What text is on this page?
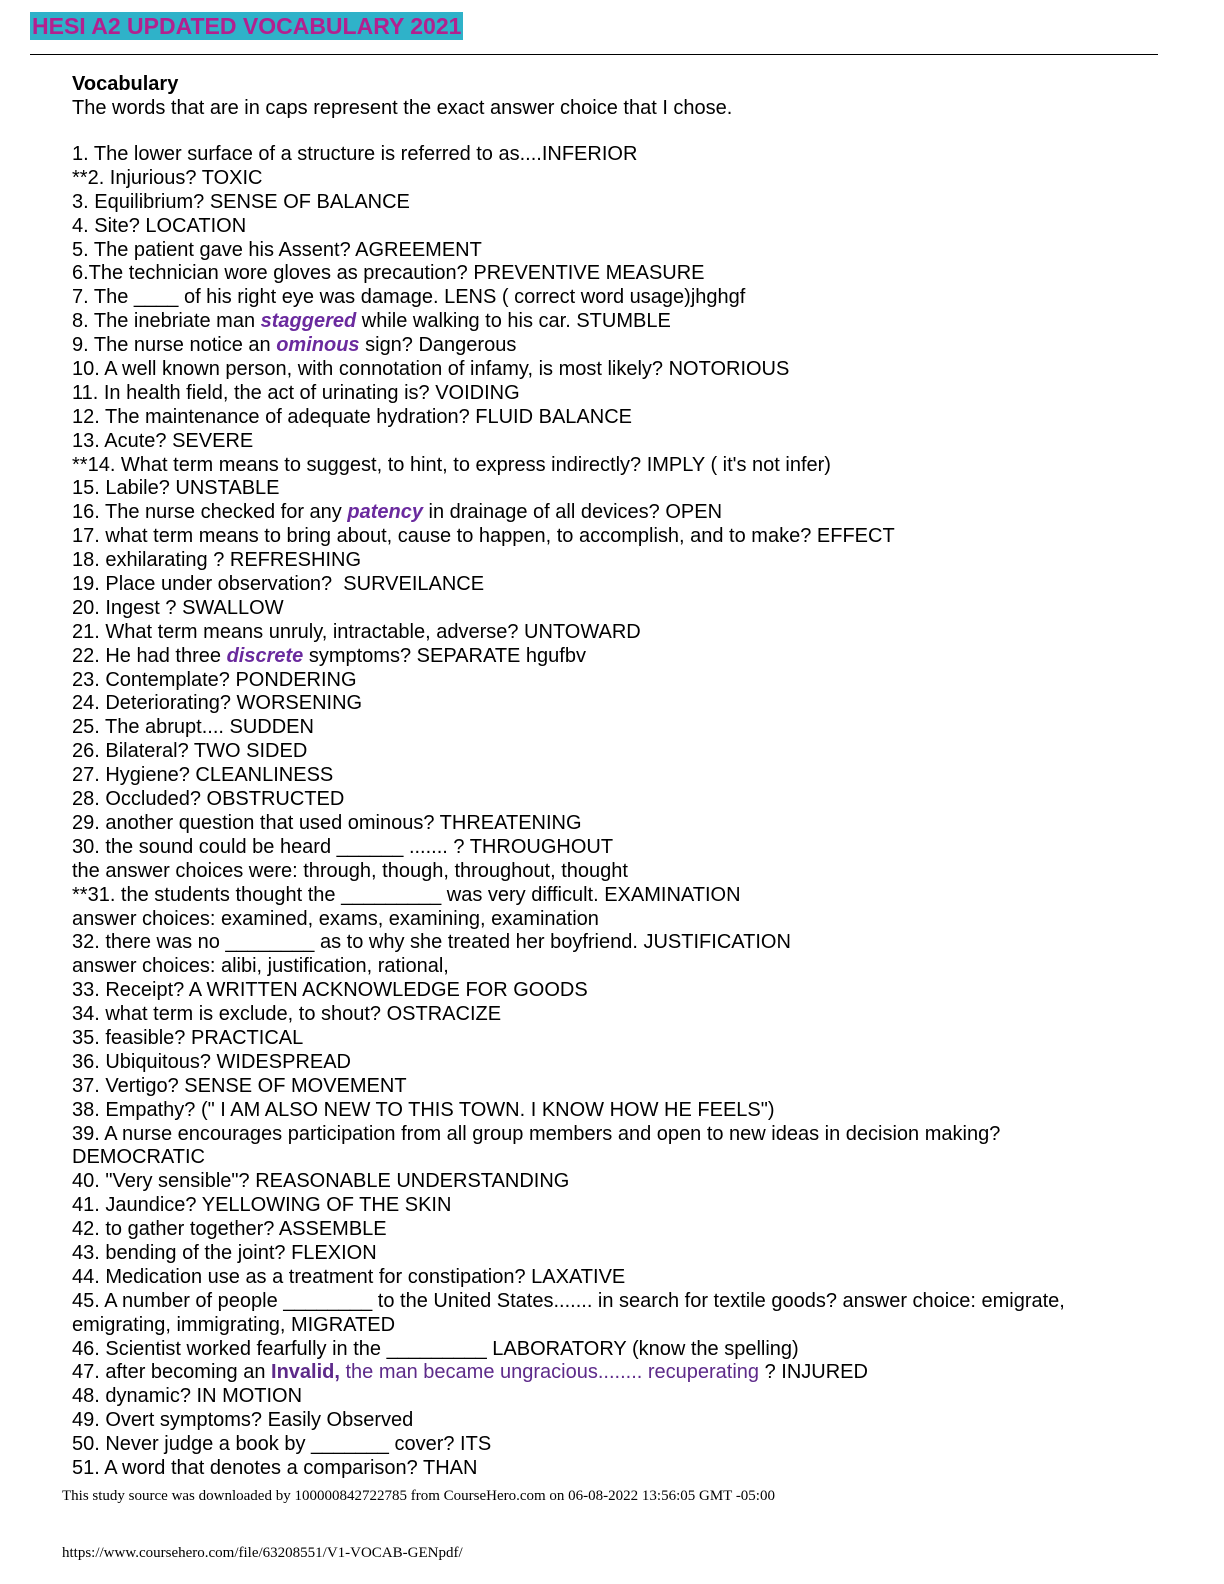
HESI A2 UPDATED VOCABULARY 2021
Vocabulary
The words that are in caps represent the exact answer choice that I chose.
1. The lower surface of a structure is referred to as....INFERIOR
**2. Injurious? TOXIC
3. Equilibrium? SENSE OF BALANCE
4. Site? LOCATION
5. The patient gave his Assent? AGREEMENT
6.The technician wore gloves as precaution? PREVENTIVE MEASURE
7. The ____ of his right eye was damage. LENS ( correct word usage)jhghgf
8. The inebriate man staggered while walking to his car. STUMBLE
9. The nurse notice an ominous sign? Dangerous
10. A well known person, with connotation of infamy, is most likely? NOTORIOUS
11. In health field, the act of urinating is? VOIDING
12. The maintenance of adequate hydration? FLUID BALANCE
13. Acute? SEVERE
**14. What term means to suggest, to hint, to express indirectly? IMPLY ( it's not infer)
15. Labile? UNSTABLE
16. The nurse checked for any patency in drainage of all devices? OPEN
17. what term means to bring about, cause to happen, to accomplish, and to make? EFFECT
18. exhilarating ? REFRESHING
19. Place under observation?  SURVEILANCE
20. Ingest ? SWALLOW
21. What term means unruly, intractable, adverse? UNTOWARD
22. He had three discrete symptoms? SEPARATE hgufbv
23. Contemplate? PONDERING
24. Deteriorating? WORSENING
25. The abrupt.... SUDDEN
26. Bilateral? TWO SIDED
27. Hygiene? CLEANLINESS
28. Occluded? OBSTRUCTED
29. another question that used ominous? THREATENING
30. the sound could be heard ______ ....... ? THROUGHOUT
the answer choices were: through, though, throughout, thought
**31. the students thought the _________ was very difficult. EXAMINATION
answer choices: examined, exams, examining, examination
32. there was no ________ as to why she treated her boyfriend. JUSTIFICATION
answer choices: alibi, justification, rational,
33. Receipt? A WRITTEN ACKNOWLEDGE FOR GOODS
34. what term is exclude, to shout? OSTRACIZE
35. feasible? PRACTICAL
36. Ubiquitous? WIDESPREAD
37. Vertigo? SENSE OF MOVEMENT
38. Empathy? (" I AM ALSO NEW TO THIS TOWN. I KNOW HOW HE FEELS")
39. A nurse encourages participation from all group members and open to new ideas in decision making?
DEMOCRATIC
40. "Very sensible"? REASONABLE UNDERSTANDING
41. Jaundice? YELLOWING OF THE SKIN
42. to gather together? ASSEMBLE
43. bending of the joint? FLEXION
44. Medication use as a treatment for constipation? LAXATIVE
45. A number of people ________ to the United States....... in search for textile goods? answer choice: emigrate,
emigrating, immigrating, MIGRATED
46. Scientist worked fearfully in the _________ LABORATORY (know the spelling)
47. after becoming an Invalid, the man became ungracious........ recuperating ? INJURED
48. dynamic? IN MOTION
49. Overt symptoms? Easily Observed
50. Never judge a book by _______ cover? ITS
51. A word that denotes a comparison? THAN
This study source was downloaded by 100000842722785 from CourseHero.com on 06-08-2022 13:56:05 GMT -05:00
https://www.coursehero.com/file/63208551/V1-VOCAB-GENpdf/
